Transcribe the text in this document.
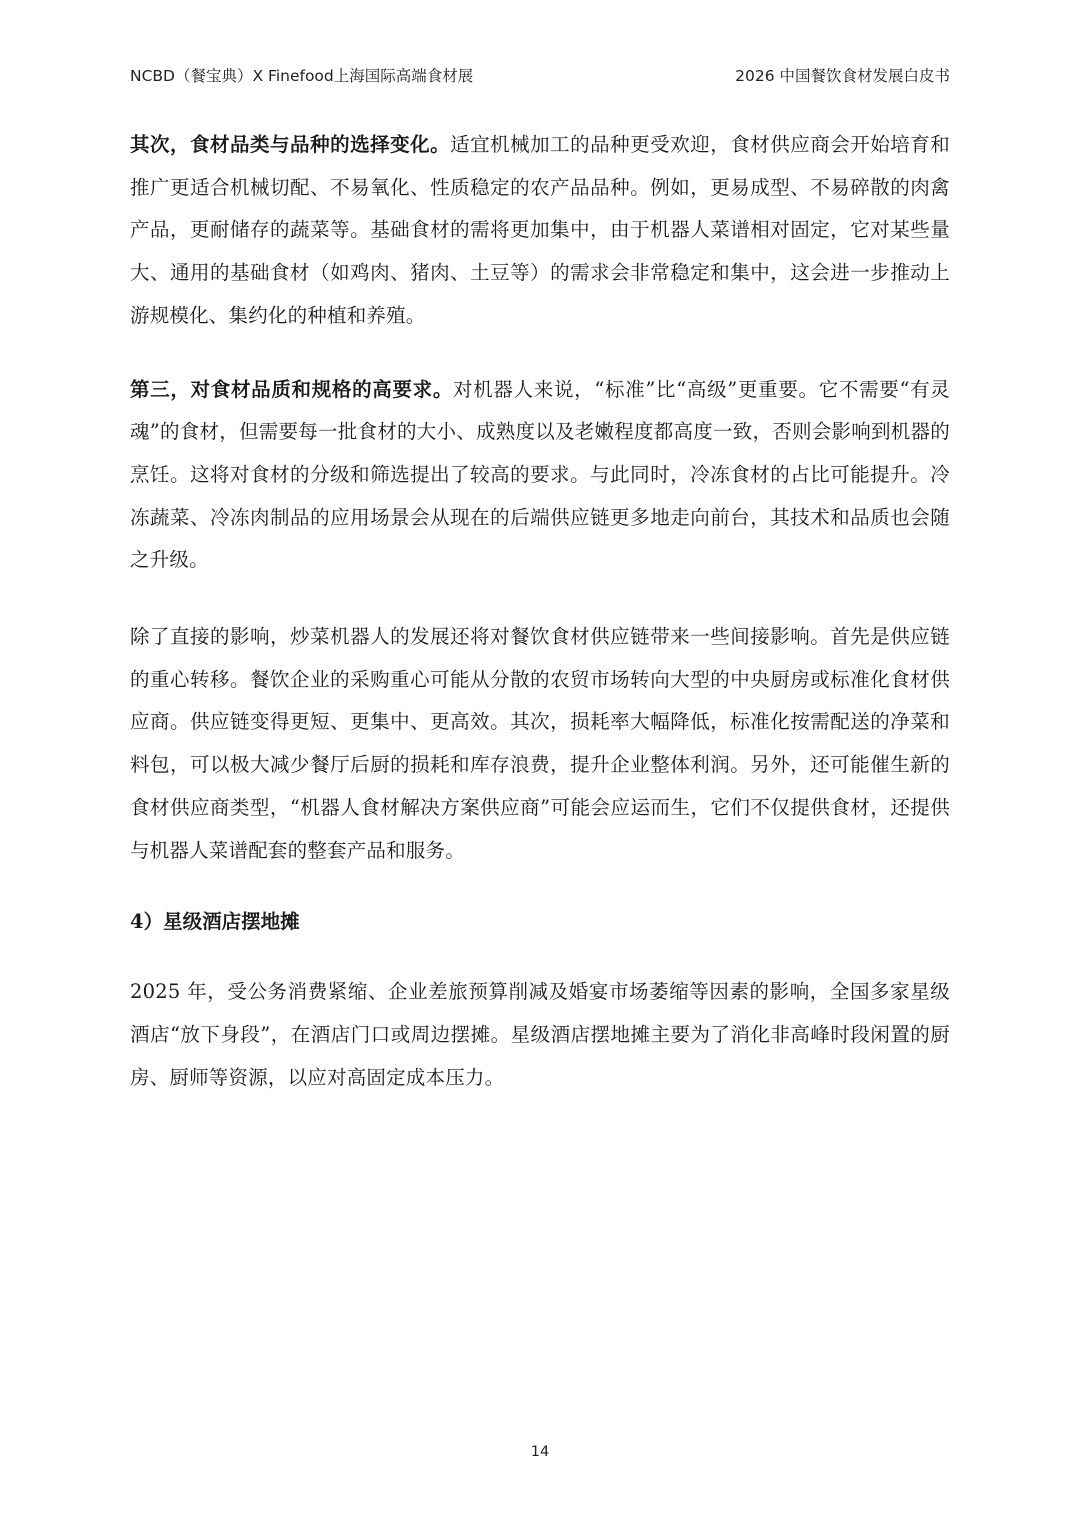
NCBD（餐宝典）X Finefood上海国际高端食材展	2026 中国餐饮食材发展白皮书

其次，食材品类与品种的选择变化。适宜机械加工的品种更受欢迎，食材供应商会开始培育和推广更适合机械切配、不易氧化、性质稳定的农产品品种。例如，更易成型、不易碎散的肉禽产品，更耐储存的蔬菜等。基础食材的需将更加集中，由于机器人菜谱相对固定，它对某些量大、通用的基础食材（如鸡肉、猪肉、土豆等）的需求会非常稳定和集中，这会进一步推动上游规模化、集约化的种植和养殖。

第三，对食材品质和规格的高要求。对机器人来说，“标准”比“高级”更重要。它不需要“有灵魂”的食材，但需要每一批食材的大小、成熟度以及老嫩程度都高度一致，否则会影响到机器的烹饪。这将对食材的分级和筛选提出了较高的要求。与此同时，冷冻食材的占比可能提升。冷冻蔬菜、冷冻肉制品的应用场景会从现在的后端供应链更多地走向前台，其技术和品质也会随之升级。

除了直接的影响，炒菜机器人的发展还将对餐饮食材供应链带来一些间接影响。首先是供应链的重心转移。餐饮企业的采购重心可能从分散的农贸市场转向大型的中央厨房或标准化食材供应商。供应链变得更短、更集中、更高效。其次，损耗率大幅降低，标准化按需配送的净菜和料包，可以极大减少餐厅后厨的损耗和库存浪费，提升企业整体利润。另外，还可能催生新的食材供应商类型，“机器人食材解决方案供应商”可能会应运而生，它们不仅提供食材，还提供与机器人菜谱配套的整套产品和服务。

4）星级酒店摆地摊

2025 年，受公务消费紧缩、企业差旅预算削减及婚宴市场萎缩等因素的影响，全国多家星级酒店“放下身段”，在酒店门口或周边摆摊。星级酒店摆地摊主要为了消化非高峰时段闲置的厨房、厨师等资源，以应对高固定成本压力。

14
